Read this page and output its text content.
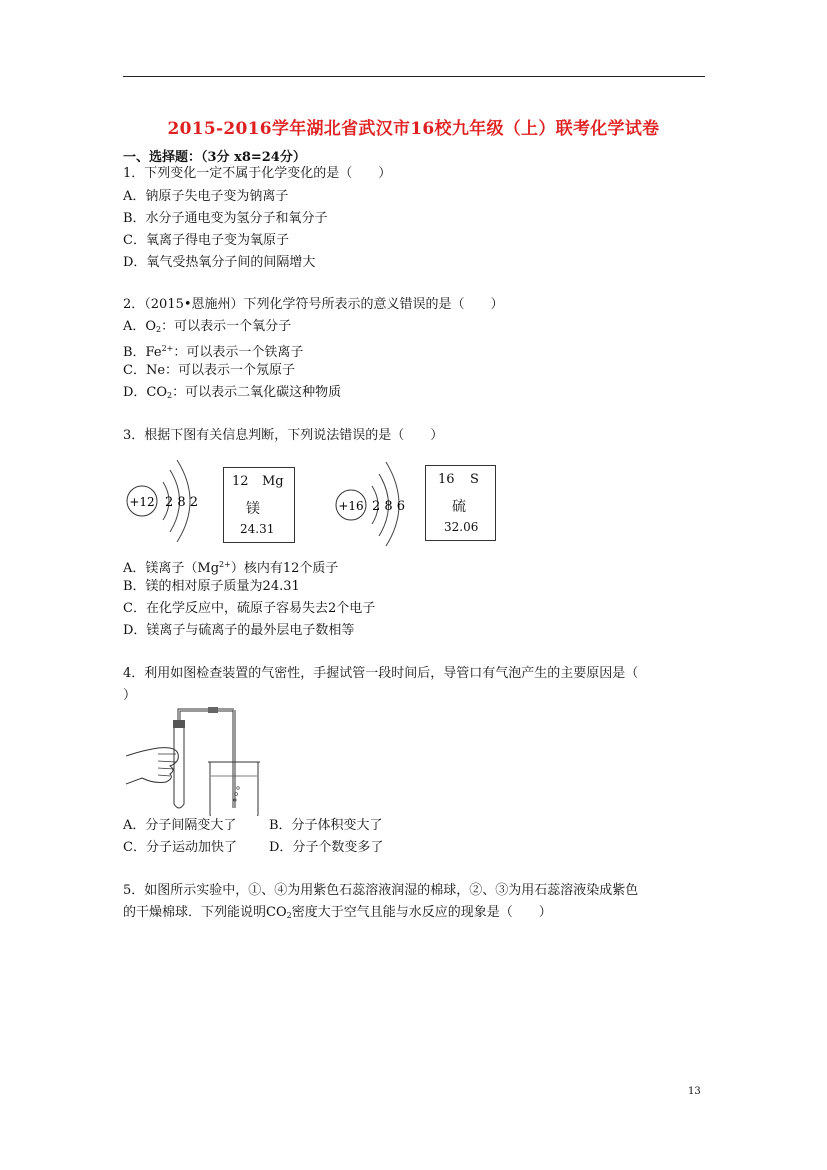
2015-2016学年湖北省武汉市16校九年级（上）联考化学试卷
一、选择题：（3分 x8=24分）
1．下列变化一定不属于化学变化的是（　　）
A．钠原子失电子变为钠离子
B．水分子通电变为氢分子和氧分子
C．氧离子得电子变为氧原子
D．氧气受热氧分子间的间隔增大
2．（2015•恩施州）下列化学符号所表示的意义错误的是（　　）
A．$O_2$：可以表示一个氧分子
B．$Fe^{2+}$：可以表示一个铁离子
C．Ne：可以表示一个氖原子
D．$CO_2$：可以表示二氧化碳这种物质
3．根据下图有关信息判断，下列说法错误的是（　　）
+12 2 8 2
12 Mg
镁
24.31
+16 2 8 6
16 S
硫
32.06
A．镁离子$(Mg^{2+})$核内有12个质子
B．镁的相对原子质量为24.31
C．在化学反应中，硫原子容易失去2个电子
D．镁离子与硫离子的最外层电子数相等
4．利用如图检查装置的气密性，手握试管一段时间后，导管口有气泡产生的主要原因是（
）
A．分子间隔变大了	B．分子体积变大了
C．分子运动加快了 D．分子个数变多了
5．如图所示实验中，①、④为用紫色石蕊溶液润湿的棉球，②、③为用石蕊溶液染成紫色
的干燥棉球．下列能说明$CO_2$密度大于空气且能与水反应的现象是（　　）
13
